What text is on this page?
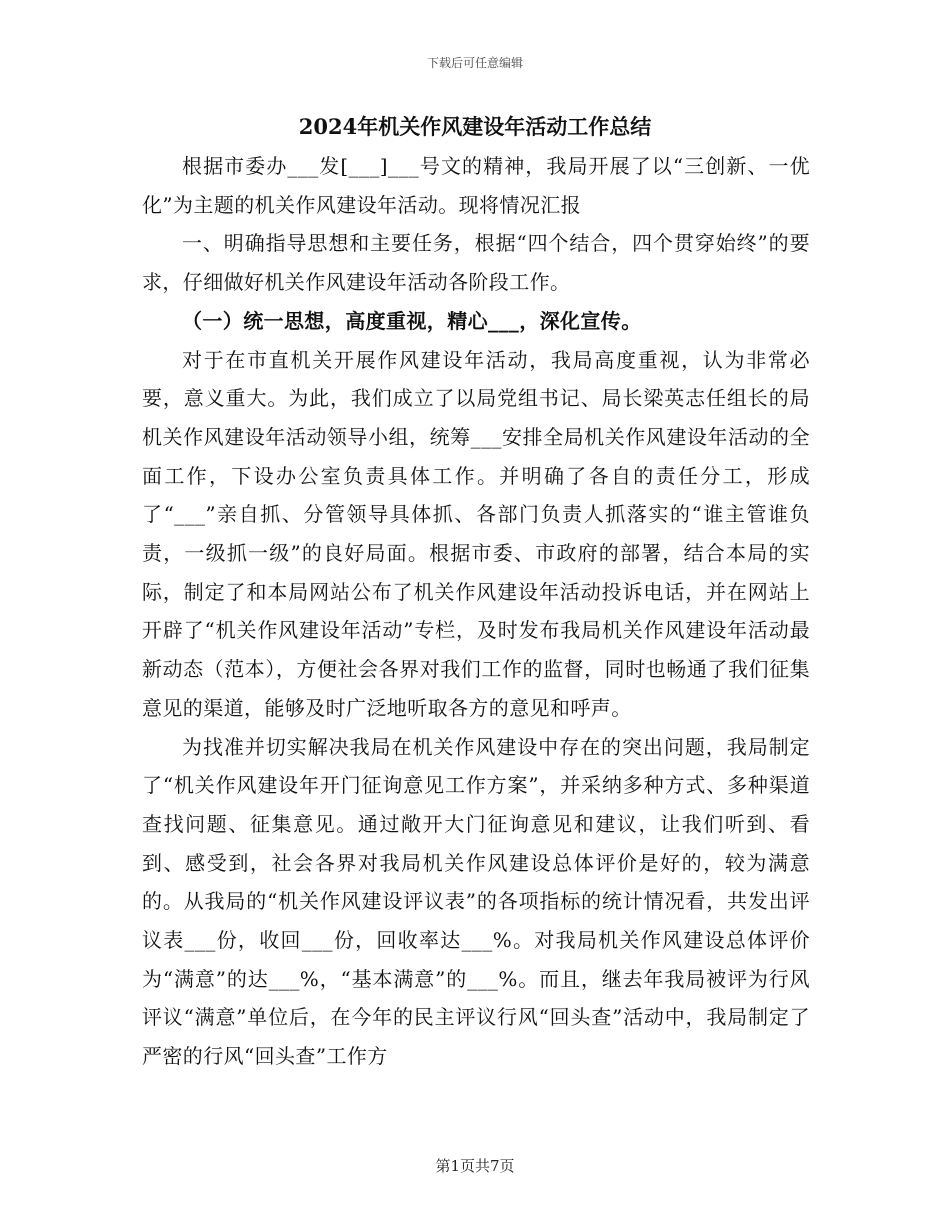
下载后可任意编辑
2024年机关作风建设年活动工作总结

根据市委办___发[___]___号文的精神，我局开展了以“三创新、一优化”为主题的机关作风建设年活动。现将情况汇报

一、明确指导思想和主要任务，根据“四个结合，四个贯穿始终”的要求，仔细做好机关作风建设年活动各阶段工作。

（一）统一思想，高度重视，精心___，深化宣传。

对于在市直机关开展作风建设年活动，我局高度重视，认为非常必要，意义重大。为此，我们成立了以局党组书记、局长梁英志任组长的局机关作风建设年活动领导小组，统筹___安排全局机关作风建设年活动的全面工作，下设办公室负责具体工作。并明确了各自的责任分工，形成了“___”亲自抓、分管领导具体抓、各部门负责人抓落实的“谁主管谁负责，一级抓一级”的良好局面。根据市委、市政府的部署，结合本局的实际，制定了和本局网站公布了机关作风建设年活动投诉电话，并在网站上开辟了“机关作风建设年活动”专栏，及时发布我局机关作风建设年活动最新动态（范本），方便社会各界对我们工作的监督，同时也畅通了我们征集意见的渠道，能够及时广泛地听取各方的意见和呼声。

为找准并切实解决我局在机关作风建设中存在的突出问题，我局制定了“机关作风建设年开门征询意见工作方案”，并采纳多种方式、多种渠道查找问题、征集意见。通过敞开大门征询意见和建议，让我们听到、看到、感受到，社会各界对我局机关作风建设总体评价是好的，较为满意的。从我局的“机关作风建设评议表”的各项指标的统计情况看，共发出评议表___份，收回___份，回收率达___%。对我局机关作风建设总体评价为“满意”的达___%，“基本满意”的___%。而且，继去年我局被评为行风评议“满意”单位后，在今年的民主评议行风“回头查”活动中，我局制定了严密的行风“回头查”工作方

第1页共7页
